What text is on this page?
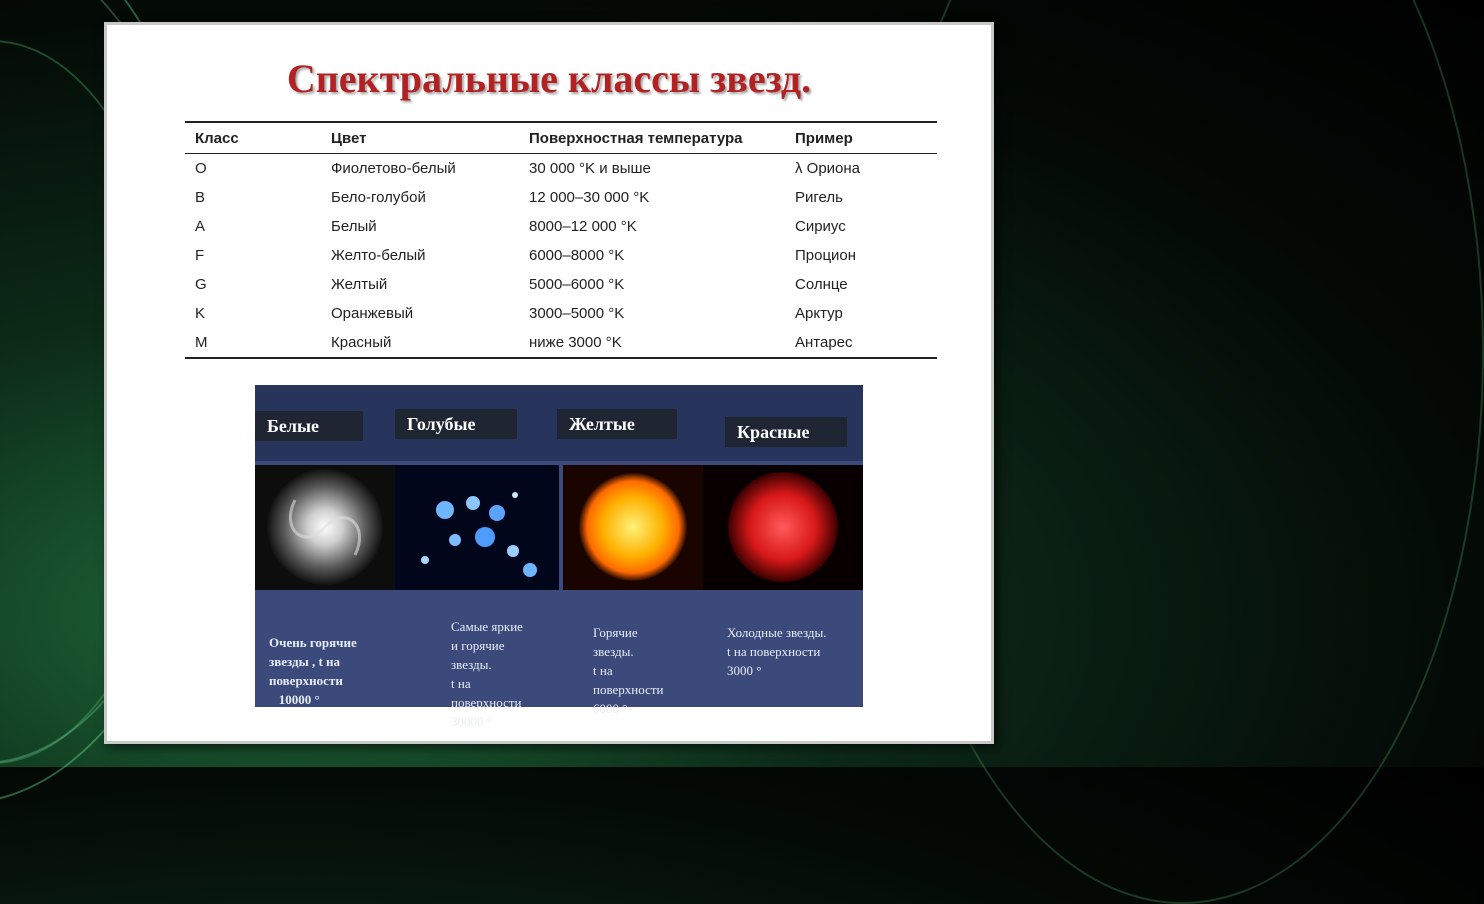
Спектральные классы звезд.
Класс	Цвет	Поверхностная температура	Пример
O	Фиолетово-белый	30 000 °K и выше	λ Ориона
B	Бело-голубой	12 000–30 000 °K	Ригель
A	Белый	8000–12 000 °K	Сириус
F	Желто-белый	6000–8000 °K	Процион
G	Желтый	5000–6000 °K	Солнце
K	Оранжевый	3000–5000 °K	Арктур
M	Красный	ниже 3000 °K	Антарес
Белые	Голубые	Желтые	Красные
Очень горячие
звезды , t на
поверхности
10000 °
Самые яркие
и горячие
звезды.
t на
поверхности
30000 °
Горячие
звезды.
t на
поверхности
6000 °
Холодные звезды.
t на поверхности
3000 °
